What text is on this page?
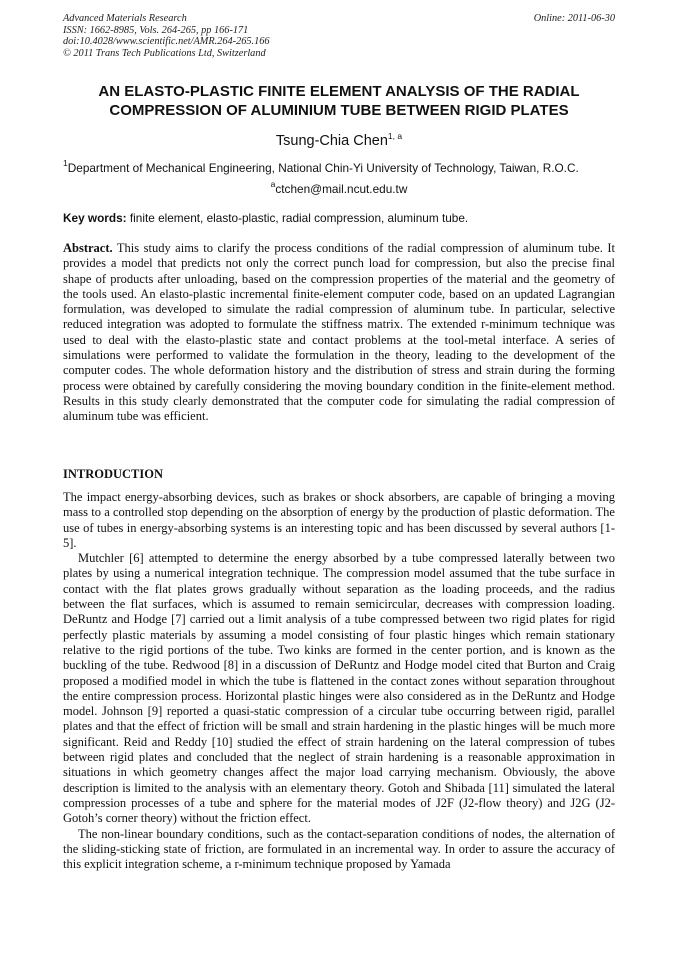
Advanced Materials Research
ISSN: 1662-8985, Vols. 264-265, pp 166-171
doi:10.4028/www.scientific.net/AMR.264-265.166
© 2011 Trans Tech Publications Ltd, Switzerland
Online: 2011-06-30
AN ELASTO-PLASTIC FINITE ELEMENT ANALYSIS OF THE RADIAL
COMPRESSION OF ALUMINIUM TUBE BETWEEN RIGID PLATES
Tsung-Chia Chen$^{1, a}$
$^1$Department of Mechanical Engineering, National Chin-Yi University of Technology, Taiwan, R.O.C.
$^a$ctchen@mail.ncut.edu.tw
Key words: finite element, elasto-plastic, radial compression, aluminum tube.
Abstract. This study aims to clarify the process conditions of the radial compression of aluminum tube. It provides a model that predicts not only the correct punch load for compression, but also the precise final shape of products after unloading, based on the compression properties of the material and the geometry of the tools used. An elasto-plastic incremental finite-element computer code, based on an updated Lagrangian formulation, was developed to simulate the radial compression of aluminum tube. In particular, selective reduced integration was adopted to formulate the stiffness matrix. The extended r-minimum technique was used to deal with the elasto-plastic state and contact problems at the tool-metal interface. A series of simulations were performed to validate the formulation in the theory, leading to the development of the computer codes. The whole deformation history and the distribution of stress and strain during the forming process were obtained by carefully considering the moving boundary condition in the finite-element method. Results in this study clearly demonstrated that the computer code for simulating the radial compression of aluminum tube was efficient.
INTRODUCTION

The impact energy-absorbing devices, such as brakes or shock absorbers, are capable of bringing a moving mass to a controlled stop depending on the absorption of energy by the production of plastic deformation. The use of tubes in energy-absorbing systems is an interesting topic and has been discussed by several authors [1-5].

Mutchler [6] attempted to determine the energy absorbed by a tube compressed laterally between two plates by using a numerical integration technique. The compression model assumed that the tube surface in contact with the flat plates grows gradually without separation as the loading proceeds, and the radius between the flat surfaces, which is assumed to remain semicircular, decreases with compression loading. DeRuntz and Hodge [7] carried out a limit analysis of a tube compressed between two rigid plates for rigid perfectly plastic materials by assuming a model consisting of four plastic hinges which remain stationary relative to the rigid portions of the tube. Two kinks are formed in the center portion, and is known as the buckling of the tube. Redwood [8] in a discussion of DeRuntz and Hodge model cited that Burton and Craig proposed a modified model in which the tube is flattened in the contact zones without separation throughout the entire compression process. Horizontal plastic hinges were also considered as in the DeRuntz and Hodge model. Johnson [9] reported a quasi-static compression of a circular tube occurring between rigid, parallel plates and that the effect of friction will be small and strain hardening in the plastic hinges will be much more significant. Reid and Reddy [10] studied the effect of strain hardening on the lateral compression of tubes between rigid plates and concluded that the neglect of strain hardening is a reasonable approximation in situations in which geometry changes affect the major load carrying mechanism. Obviously, the above description is limited to the analysis with an elementary theory. Gotoh and Shibada [11] simulated the lateral compression processes of a tube and sphere for the material modes of J2F (J2-flow theory) and J2G (J2-Gotoh’s corner theory) without the friction effect.

The non-linear boundary conditions, such as the contact-separation conditions of nodes, the alternation of the sliding-sticking state of friction, are formulated in an incremental way. In order to assure the accuracy of this explicit integration scheme, a r-minimum technique proposed by Yamada
